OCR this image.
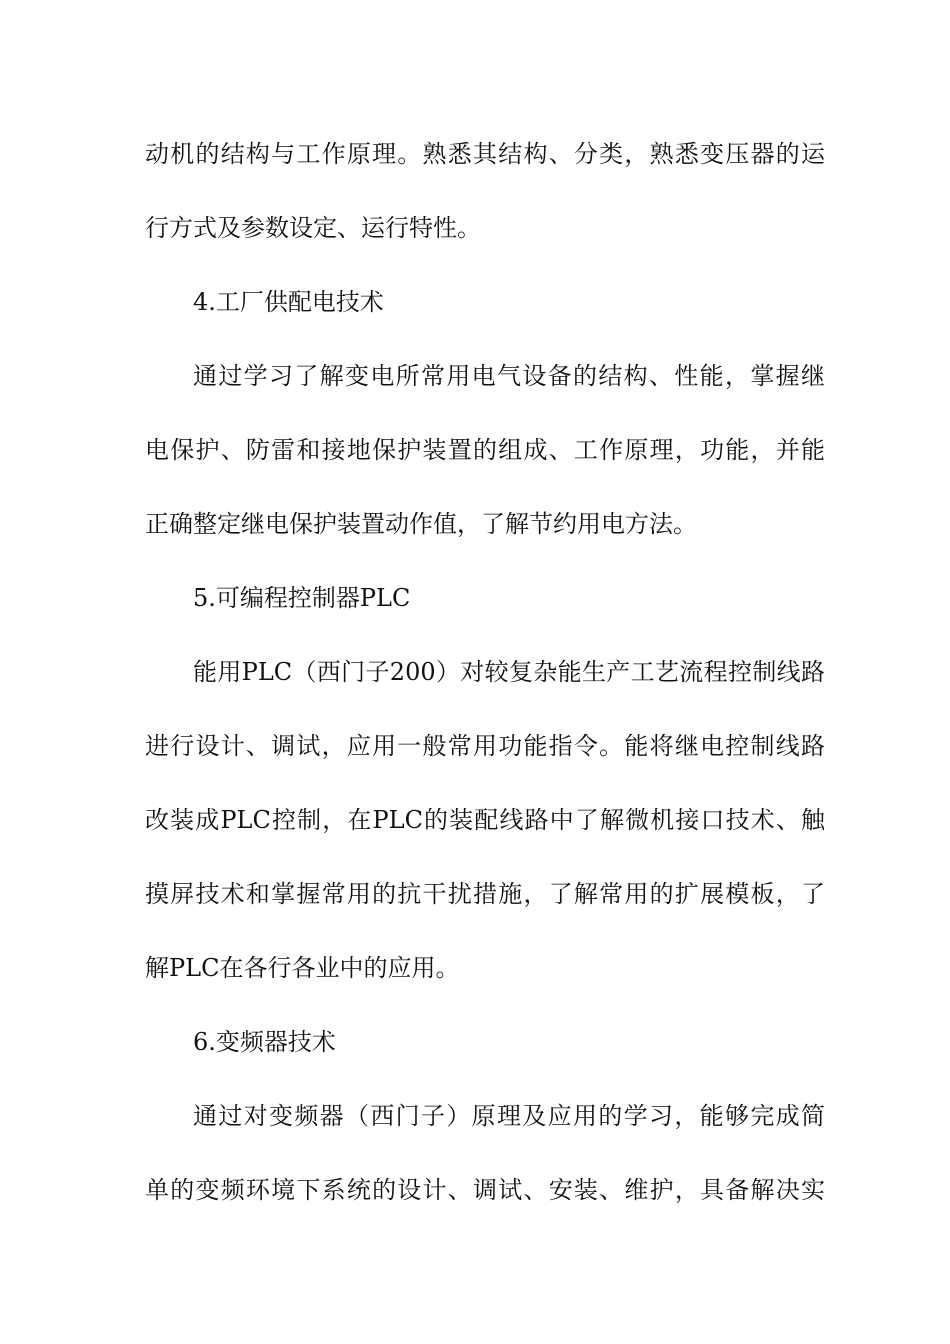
动机的结构与工作原理。熟悉其结构、分类，熟悉变压器的运
行方式及参数设定、运行特性。
4.工厂供配电技术
通过学习了解变电所常用电气设备的结构、性能，掌握继
电保护、防雷和接地保护装置的组成、工作原理，功能，并能
正确整定继电保护装置动作值，了解节约用电方法。
5.可编程控制器PLC
能用PLC（西门子200）对较复杂能生产工艺流程控制线路
进行设计、调试，应用一般常用功能指令。能将继电控制线路
改装成PLC控制，在PLC的装配线路中了解微机接口技术、触
摸屏技术和掌握常用的抗干扰措施，了解常用的扩展模板，了
解PLC在各行各业中的应用。
6.变频器技术
通过对变频器（西门子）原理及应用的学习，能够完成简
单的变频环境下系统的设计、调试、安装、维护，具备解决实
